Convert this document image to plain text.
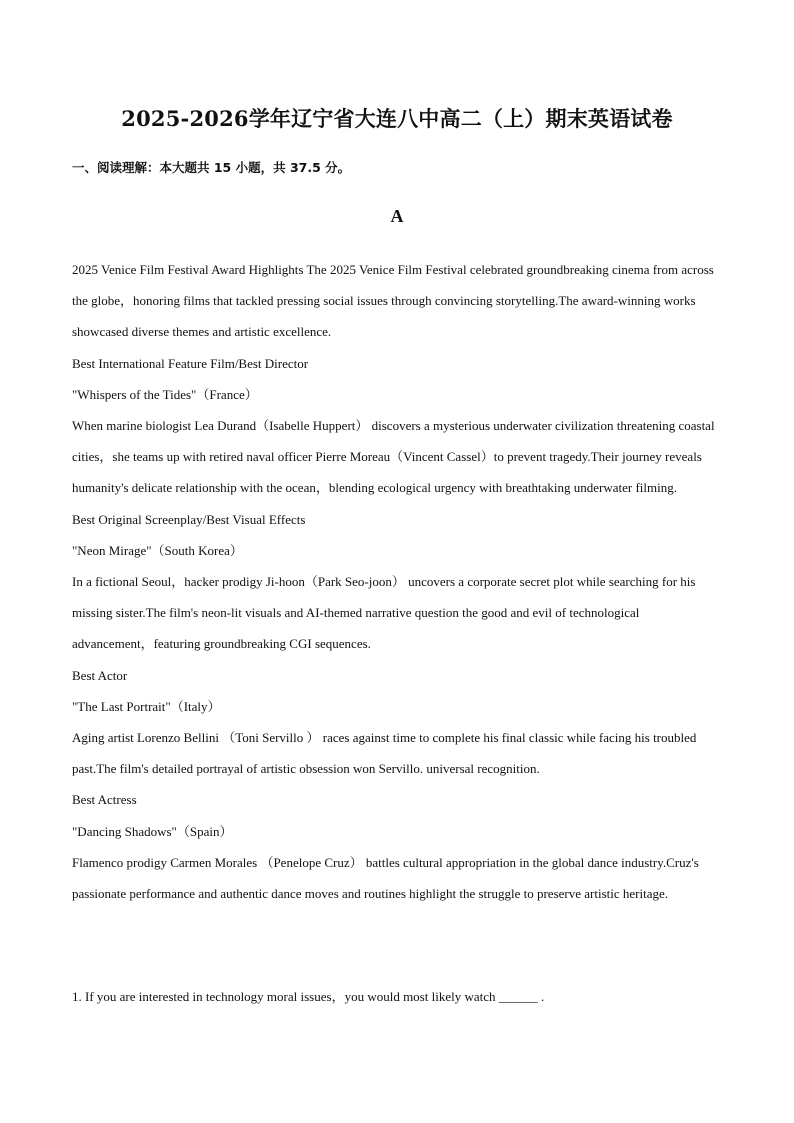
2025-2026学年辽宁省大连八中高二（上）期末英语试卷
一、阅读理解：本大题共 15 小题，共 37.5 分。
A

2025 Venice Film Festival Award Highlights The 2025 Venice Film Festival celebrated groundbreaking cinema from across the globe，honoring films that tackled pressing social issues through convincing storytelling.The award-winning works showcased diverse themes and artistic excellence.

Best International Feature Film/Best Director

"Whispers of the Tides"（France）

When marine biologist Lea Durand（Isabelle Huppert） discovers a mysterious underwater civilization threatening coastal cities，she teams up with retired naval officer Pierre Moreau（Vincent Cassel）to prevent tragedy.Their journey reveals humanity's delicate relationship with the ocean，blending ecological urgency with breathtaking underwater filming.

Best Original Screenplay/Best Visual Effects

"Neon Mirage"（South Korea）

In a fictional Seoul，hacker prodigy Ji-hoon（Park Seo-joon） uncovers a corporate secret plot while searching for his missing sister.The film's neon-lit visuals and AI-themed narrative question the good and evil of technological advancement，featuring groundbreaking CGI sequences.

Best Actor

"The Last Portrait"（Italy）

Aging artist Lorenzo Bellini （Toni Servillo ） races against time to complete his final classic while facing his troubled past.The film's detailed portrayal of artistic obsession won Servillo. universal recognition.

Best Actress

"Dancing Shadows"（Spain）

Flamenco prodigy Carmen Morales （Penelope Cruz） battles cultural appropriation in the global dance industry.Cruz's passionate performance and authentic dance moves and routines highlight the struggle to preserve artistic heritage.

1. If you are interested in technology moral issues，you would most likely watch ______ .
